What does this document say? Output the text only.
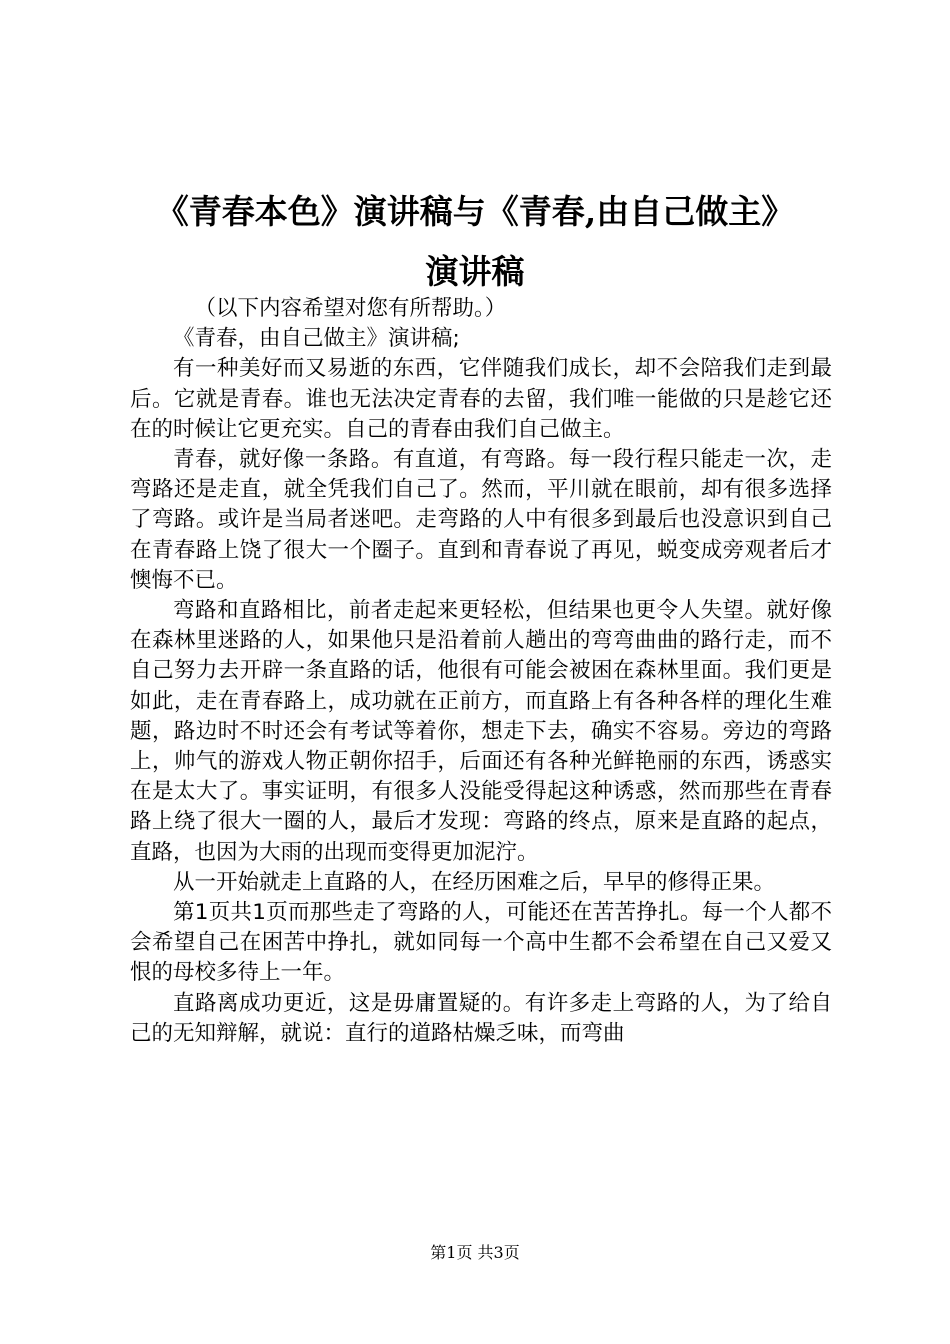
《青春本色》演讲稿与《青春,由自己做主》
演讲稿

（以下内容希望对您有所帮助。）

《青春，由自己做主》演讲稿;

有一种美好而又易逝的东西，它伴随我们成长，却不会陪我们走到最后。它就是青春。谁也无法决定青春的去留，我们唯一能做的只是趁它还在的时候让它更充实。自己的青春由我们自己做主。

青春，就好像一条路。有直道，有弯路。每一段行程只能走一次，走弯路还是走直，就全凭我们自己了。然而，平川就在眼前，却有很多选择了弯路。或许是当局者迷吧。走弯路的人中有很多到最后也没意识到自己在青春路上饶了很大一个圈子。直到和青春说了再见，蜕变成旁观者后才懊悔不已。

弯路和直路相比，前者走起来更轻松，但结果也更令人失望。就好像在森林里迷路的人，如果他只是沿着前人趟出的弯弯曲曲的路行走，而不自己努力去开辟一条直路的话，他很有可能会被困在森林里面。我们更是如此，走在青春路上，成功就在正前方，而直路上有各种各样的理化生难题，路边时不时还会有考试等着你，想走下去，确实不容易。旁边的弯路上，帅气的游戏人物正朝你招手，后面还有各种光鲜艳丽的东西，诱惑实在是太大了。事实证明，有很多人没能受得起这种诱惑，然而那些在青春路上绕了很大一圈的人，最后才发现：弯路的终点，原来是直路的起点，直路，也因为大雨的出现而变得更加泥泞。

从一开始就走上直路的人，在经历困难之后，早早的修得正果。

第1页共1页而那些走了弯路的人，可能还在苦苦挣扎。每一个人都不会希望自己在困苦中挣扎，就如同每一个高中生都不会希望在自己又爱又恨的母校多待上一年。

直路离成功更近，这是毋庸置疑的。有许多走上弯路的人，为了给自己的无知辩解，就说：直行的道路枯燥乏味，而弯曲

第1页 共3页
